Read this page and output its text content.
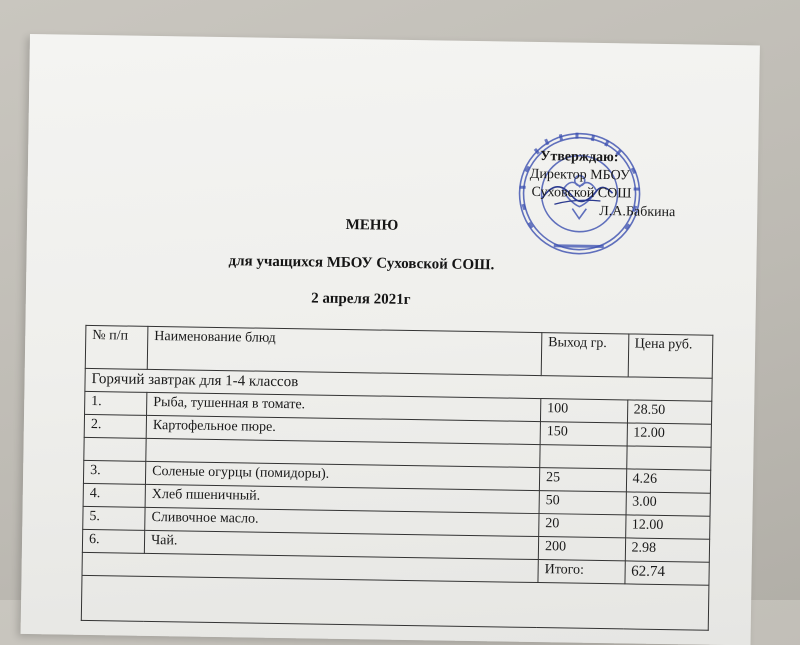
Утверждаю:
Директор МБОУ
Суховской СОШ
Л.А.Бабкина
МЕНЮ
для учащихся МБОУ Суховской СОШ.
2 апреля 2021г
№ п/п	Наименование блюд	Выход гр.	Цена руб.
Горячий завтрак для 1-4 классов			
1.	Рыба, тушенная в томате.	100	28.50
2.	Картофельное пюре.	150	12.00

3.	Соленые огурцы (помидоры).	25	4.26
4.	Хлеб пшеничный.	50	3.00
5.	Сливочное масло.	20	12.00
6.	Чай.	200	2.98
		Итого:	62.74
